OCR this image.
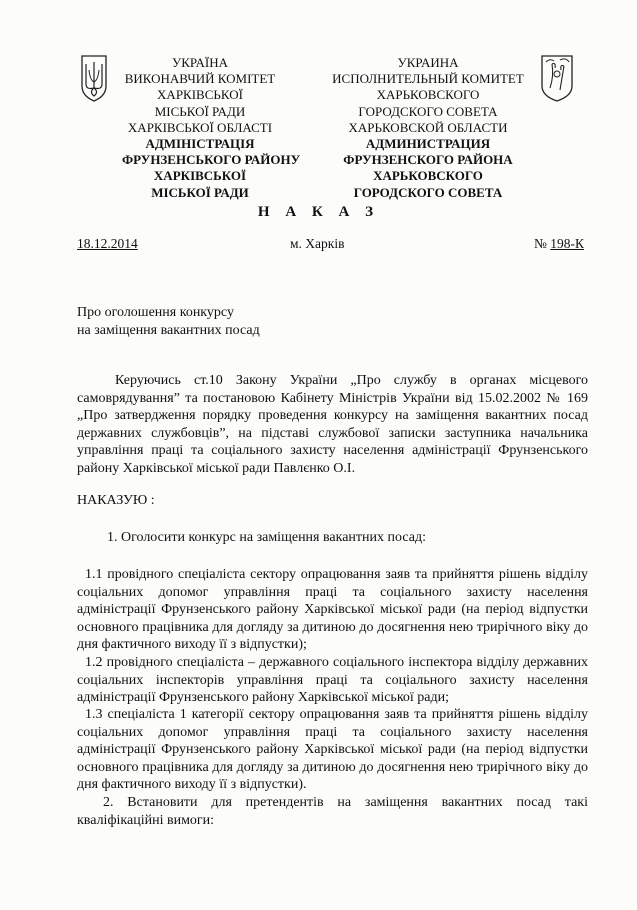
УКРАЇНА
ВИКОНАВЧИЙ КОМІТЕТ
ХАРКІВСЬКОЇ
МІСЬКОЇ РАДИ
ХАРКІВСЬКОЇ ОБЛАСТІ
АДМІНІСТРАЦІЯ
ФРУНЗЕНСЬКОГО РАЙОНУ
ХАРКІВСЬКОЇ
МІСЬКОЇ РАДИ
УКРАИНА
ИСПОЛНИТЕЛЬНЫЙ КОМИТЕТ
ХАРЬКОВСКОГО
ГОРОДСКОГО СОВЕТА
ХАРЬКОВСКОЙ ОБЛАСТИ
АДМИНИСТРАЦИЯ
ФРУНЗЕНСКОГО РАЙОНА
ХАРЬКОВСКОГО
ГОРОДСКОГО СОВЕТА
Н А К А З
18.12.2014	м. Харків	№ 198-К
Про оголошення конкурсу
на заміщення вакантних посад
Керуючись ст.10 Закону України „Про службу в органах місцевого самоврядування” та постановою Кабінету Міністрів України від 15.02.2002 № 169 „Про затвердження порядку проведення конкурсу на заміщення вакантних посад державних службовців”, на підставі службової записки заступника начальника управління праці та соціального захисту населення адміністрації Фрунзенського району Харківської міської ради Павлєнко О.І.
НАКАЗУЮ :
1. Оголосити конкурс на заміщення вакантних посад:
1.1 провідного спеціаліста сектору опрацювання заяв та прийняття рішень відділу соціальних допомог управління праці та соціального захисту населення адміністрації Фрунзенського району Харківської міської ради (на період відпустки основного працівника для догляду за дитиною до досягнення нею трирічного віку до дня фактичного виходу її з відпустки);
1.2 провідного спеціаліста – державного соціального інспектора відділу державних соціальних інспекторів управління праці та соціального захисту населення адміністрації Фрунзенського району Харківської міської ради;
1.3 спеціаліста 1 категорії сектору опрацювання заяв та прийняття рішень відділу соціальних допомог управління праці та соціального захисту населення адміністрації Фрунзенського району Харківської міської ради (на період відпустки основного працівника для догляду за дитиною до досягнення нею трирічного віку до дня фактичного виходу її з відпустки).
2. Встановити для претендентів на заміщення вакантних посад такі кваліфікаційні вимоги:
